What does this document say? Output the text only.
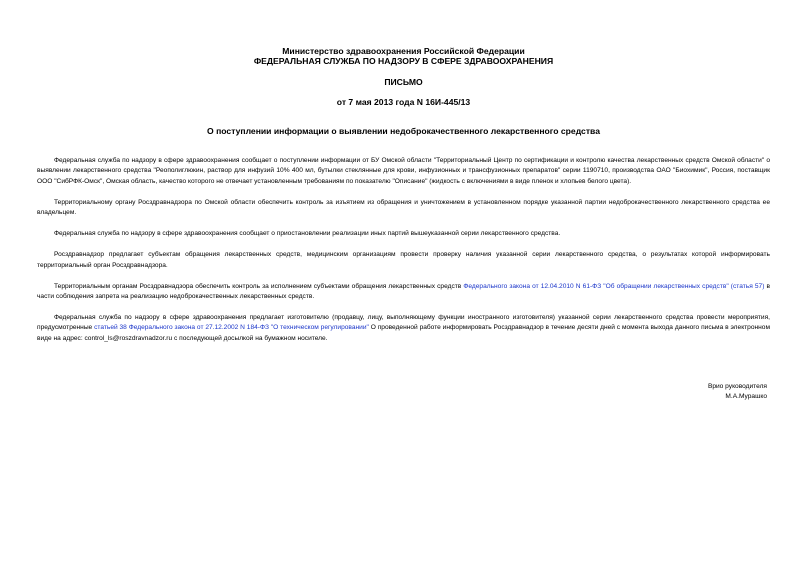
Министерство здравоохранения Российской Федерации
ФЕДЕРАЛЬНАЯ СЛУЖБА ПО НАДЗОРУ В СФЕРЕ ЗДРАВООХРАНЕНИЯ
ПИСЬМО
от 7 мая 2013 года N 16И-445/13
О поступлении информации о выявлении недоброкачественного лекарственного средства

Федеральная служба по надзору в сфере здравоохранения сообщает о поступлении информации от БУ Омской области "Территориальный Центр по сертификации и контролю качества лекарственных средств Омской области" о выявлении лекарственного средства "Реополиглюкин, раствор для инфузий 10% 400 мл, бутылки стеклянные для крови, инфузионных и трансфузионных препаратов" серии 1190710, производства ОАО "Биохимик", Россия, поставщик ООО "СибРФК-Омск", Омская область, качество которого не отвечает установленным требованиям по показателю "Описание" (жидкость с включениями в виде пленок и хлопьев белого цвета).

Территориальному органу Росздравнадзора по Омской области обеспечить контроль за изъятием из обращения и уничтожением в установленном порядке указанной партии недоброкачественного лекарственного средства ее владельцем.

Федеральная служба по надзору в сфере здравоохранения сообщает о приостановлении реализации иных партий вышеуказанной серии лекарственного средства.

Росздравнадзор предлагает субъектам обращения лекарственных средств, медицинским организациям провести проверку наличия указанной серии лекарственного средства, о результатах которой информировать территориальный орган Росздравнадзора.

Территориальным органам Росздравнадзора обеспечить контроль за исполнением субъектами обращения лекарственных средств Федерального закона от 12.04.2010 N 61-ФЗ "Об обращении лекарственных средств" (статья 57) в части соблюдения запрета на реализацию недоброкачественных лекарственных средств.

Федеральная служба по надзору в сфере здравоохранения предлагает изготовителю (продавцу, лицу, выполняющему функции иностранного изготовителя) указанной серии лекарственного средства провести мероприятия, предусмотренные статьей 38 Федерального закона от 27.12.2002 N 184-ФЗ "О техническом регулировании" О проведенной работе информировать Росздравнадзор в течение десяти дней с момента выхода данного письма в электронном виде на адрес: control_ls@roszdravnadzor.ru с последующей досылкой на бумажном носителе.

Врио руководителя
М.А.Мурашко
